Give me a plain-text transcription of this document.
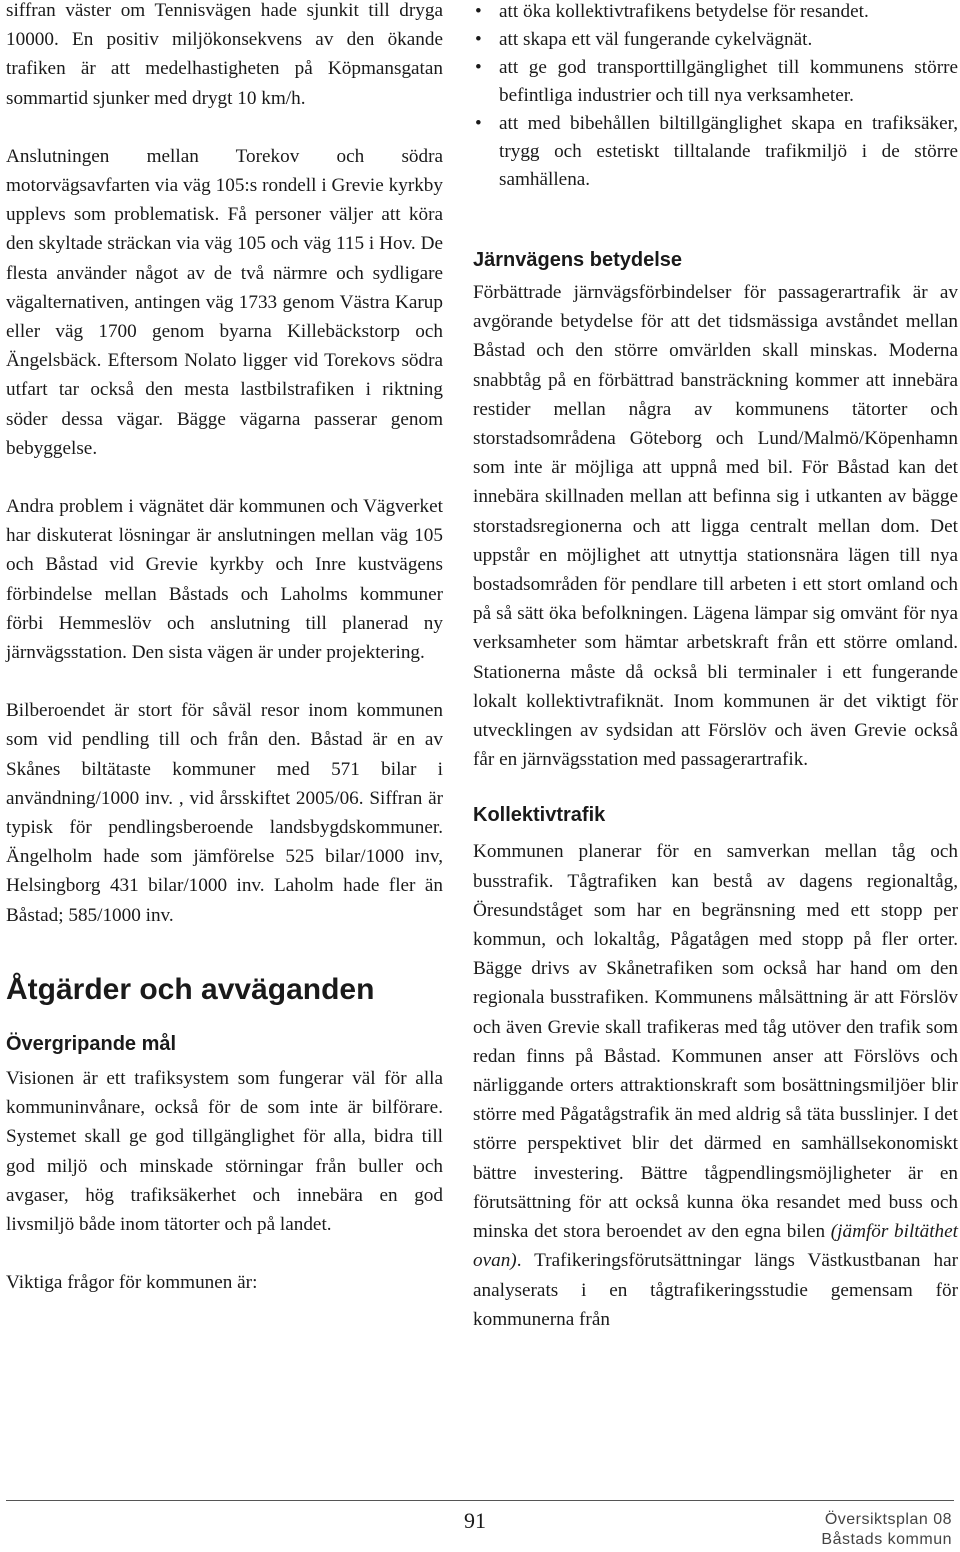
siffran väster om Tennisvägen hade sjunkit till dryga 10000. En positiv miljökonsekvens av den ökande trafiken är att medelhastigheten på Köpmansgatan sommartid sjunker med drygt 10 km/h.

Anslutningen mellan Torekov och södra motorvägsavfarten via väg 105:s rondell i Grevie kyrkby upplevs som problematisk. Få personer väljer att köra den skyltade sträckan via väg 105 och väg 115 i Hov. De flesta använder något av de två närmre och sydligare vägalternativen, antingen väg 1733 genom Västra Karup eller väg 1700 genom byarna Killebäckstorp och Ängelsbäck. Eftersom Nolato ligger vid Torekovs södra utfart tar också den mesta lastbilstrafiken i riktning söder dessa vägar. Bägge vägarna passerar genom bebyggelse.

Andra problem i vägnätet där kommunen och Vägverket har diskuterat lösningar är anslutningen mellan väg 105 och Båstad vid Grevie kyrkby och Inre kustvägens förbindelse mellan Båstads och Laholms kommuner förbi Hemmeslöv och anslutning till planerad ny järnvägsstation. Den sista vägen är under projektering.

Bilberoendet är stort för såväl resor inom kommunen som vid pendling till och från den. Båstad är en av Skånes biltätaste kommuner med 571 bilar i användning/1000 inv. , vid årsskiftet 2005/06. Siffran är typisk för pendlingsberoende landsbygdskommuner. Ängelholm hade som jämförelse 525 bilar/1000 inv, Helsingborg 431 bilar/1000 inv. Laholm hade fler än Båstad; 585/1000 inv.

Åtgärder och avväganden
Övergripande mål

Visionen är ett trafiksystem som fungerar väl för alla kommuninvånare, också för de som inte är bilförare. Systemet skall ge god tillgänglighet för alla, bidra till god miljö och minskade störningar från buller och avgaser, hög trafiksäkerhet och innebära en god livsmiljö både inom tätorter och på landet.

Viktiga frågor för kommunen är:

• att öka kollektivtrafikens betydelse för resandet.
• att skapa ett väl fungerande cykelvägnät.
• att ge god transporttillgänglighet till kommunens större befintliga industrier och till nya verksamheter.
• att med bibehållen biltillgänglighet skapa en trafiksäker, trygg och estetiskt tilltalande trafikmiljö i de större samhällena.
Järnvägens betydelse

Förbättrade järnvägsförbindelser för passagerartrafik är av avgörande betydelse för att det tidsmässiga avståndet mellan Båstad och den större omvärlden skall minskas. Moderna snabbtåg på en förbättrad bansträckning kommer att innebära restider mellan några av kommunens tätorter och storstadsområdena Göteborg och Lund/Malmö/Köpenhamn som inte är möjliga att uppnå med bil. För Båstad kan det innebära skillnaden mellan att befinna sig i utkanten av bägge storstadsregionerna och att ligga centralt mellan dom. Det uppstår en möjlighet att utnyttja stationsnära lägen till nya bostadsområden för pendlare till arbeten i ett stort omland och på så sätt öka befolkningen. Lägena lämpar sig omvänt för nya verksamheter som hämtar arbetskraft från ett större omland. Stationerna måste då också bli terminaler i ett fungerande lokalt kollektivtrafiknät. Inom kommunen är det viktigt för utvecklingen av sydsidan att Förslöv och även Grevie också får en järnvägsstation med passagerartrafik.

Kollektivtrafik

Kommunen planerar för en samverkan mellan tåg och busstrafik. Tågtrafiken kan bestå av dagens regionaltåg, Öresundståget som har en begränsning med ett stopp per kommun, och lokaltåg, Pågatågen med stopp på fler orter. Bägge drivs av Skånetrafiken som också har hand om den regionala busstrafiken. Kommunens målsättning är att Förslöv och även Grevie skall trafikeras med tåg utöver den trafik som redan finns på Båstad. Kommunen anser att Förslövs och närliggande orters attraktionskraft som bosättningsmiljöer blir större med Pågatågstrafik än med aldrig så täta busslinjer. I det större perspektivet blir det därmed en samhällsekonomiskt bättre investering. Bättre tågpendlingsmöjligheter är en förutsättning för att också kunna öka resandet med buss och minska det stora beroendet av den egna bilen (jämför biltäthet ovan). Trafikeringsförutsättningar längs Västkustbanan har analyserats i en tågtrafikeringsstudie gemensam för kommunerna från

91	Översiktsplan 08
Båstads kommun
